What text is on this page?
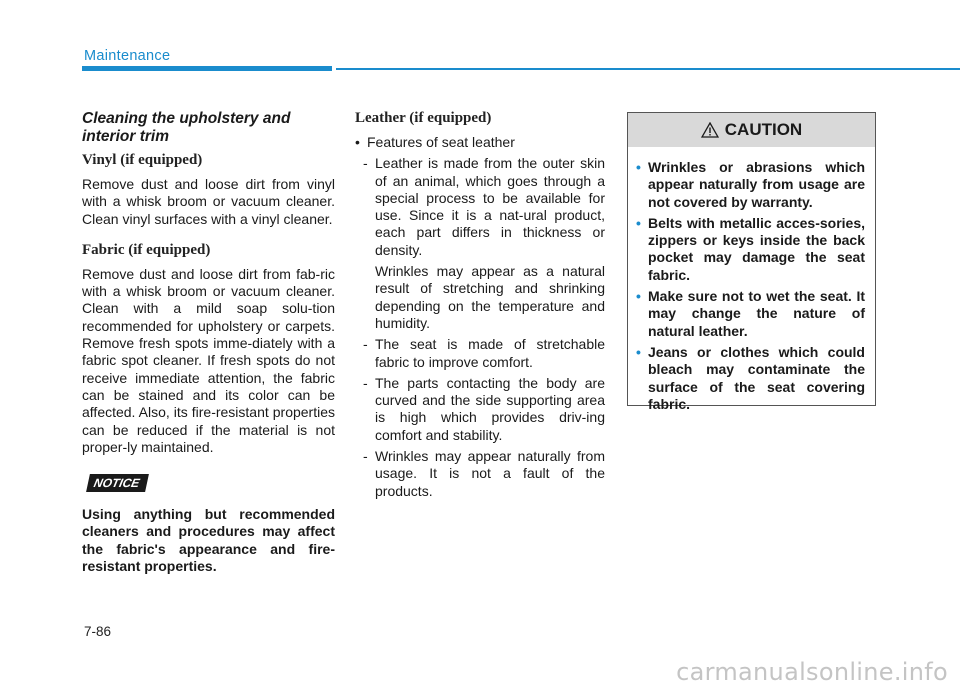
Maintenance
Cleaning the upholstery and interior trim
Vinyl (if equipped)

Remove dust and loose dirt from vinyl with a whisk broom or vacuum cleaner. Clean vinyl surfaces with a vinyl cleaner.

Fabric (if equipped)

Remove dust and loose dirt from fab-ric with a whisk broom or vacuum cleaner. Clean with a mild soap solu-tion recommended for upholstery or carpets. Remove fresh spots imme-diately with a fabric spot cleaner. If fresh spots do not receive immediate attention, the fabric can be stained and its color can be affected. Also, its fire-resistant properties can be reduced if the material is not proper-ly maintained.

NOTICE

Using anything but recommended cleaners and procedures may affect the fabric's appearance and fire-resistant properties.

Leather (if equipped)
• Features of seat leather
- Leather is made from the outer skin of an animal, which goes through a special process to be available for use. Since it is a nat-ural product, each part differs in thickness or density.
Wrinkles may appear as a natural result of stretching and shrinking depending on the temperature and humidity.
- The seat is made of stretchable fabric to improve comfort.
- The parts contacting the body are curved and the side supporting area is high which provides driv-ing comfort and stability.
- Wrinkles may appear naturally from usage. It is not a fault of the products.
CAUTION
• Wrinkles or abrasions which appear naturally from usage are not covered by warranty.
• Belts with metallic acces-sories, zippers or keys inside the back pocket may damage the seat fabric.
• Make sure not to wet the seat. It may change the nature of natural leather.
• Jeans or clothes which could bleach may contaminate the surface of the seat covering fabric.
7-86
carmanualsonline.info
